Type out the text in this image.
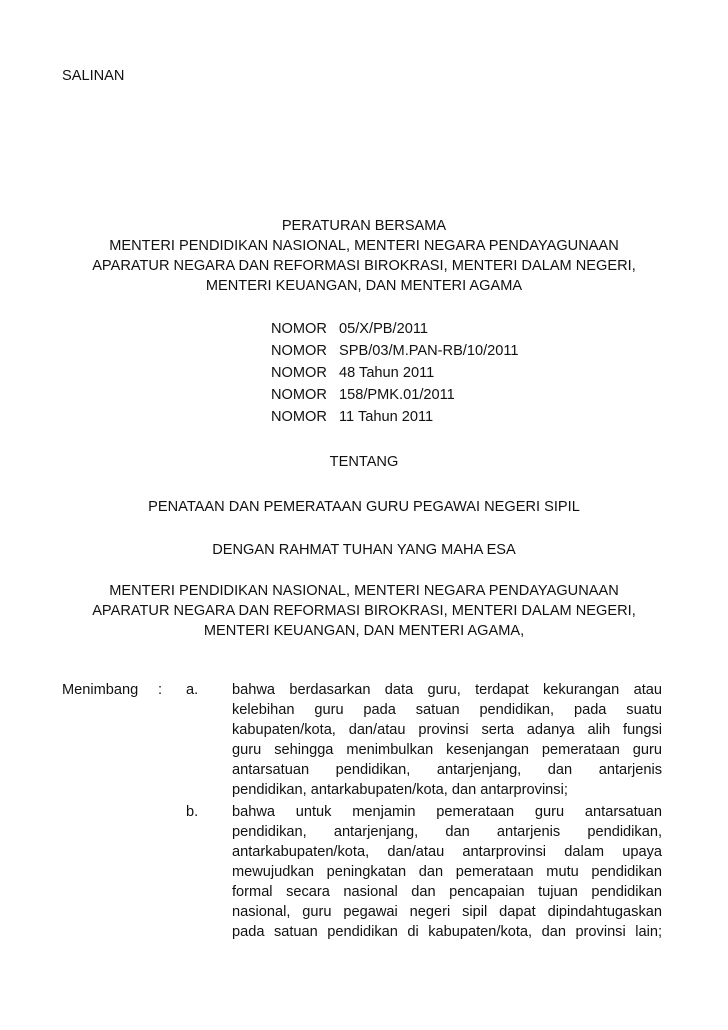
SALINAN
PERATURAN BERSAMA
MENTERI PENDIDIKAN NASIONAL, MENTERI NEGARA PENDAYAGUNAAN
APARATUR NEGARA DAN REFORMASI BIROKRASI, MENTERI DALAM NEGERI,
MENTERI KEUANGAN, DAN MENTERI AGAMA
NOMOR 05/X/PB/2011
NOMOR SPB/03/M.PAN-RB/10/2011
NOMOR 48 Tahun 2011
NOMOR 158/PMK.01/2011
NOMOR 11 Tahun 2011
TENTANG
PENATAAN DAN PEMERATAAN GURU PEGAWAI NEGERI SIPIL
DENGAN RAHMAT TUHAN YANG MAHA ESA
MENTERI PENDIDIKAN NASIONAL, MENTERI NEGARA PENDAYAGUNAAN
APARATUR NEGARA DAN REFORMASI BIROKRASI, MENTERI DALAM NEGERI,
MENTERI KEUANGAN, DAN MENTERI AGAMA,
Menimbang	:	a.	bahwa berdasarkan data guru, terdapat kekurangan atau
kelebihan guru pada satuan pendidikan, pada suatu
kabupaten/kota, dan/atau provinsi serta adanya alih fungsi
guru sehingga menimbulkan kesenjangan pemerataan guru
antarsatuan pendidikan, antarjenjang, dan antarjenis
pendidikan, antarkabupaten/kota, dan antarprovinsi;
b.	bahwa untuk menjamin pemerataan guru antarsatuan
pendidikan, antarjenjang, dan antarjenis pendidikan,
antarkabupaten/kota, dan/atau antarprovinsi dalam upaya
mewujudkan peningkatan dan pemerataan mutu pendidikan
formal secara nasional dan pencapaian tujuan pendidikan
nasional, guru pegawai negeri sipil dapat dipindahtugaskan
pada satuan pendidikan di kabupaten/kota, dan provinsi lain;
